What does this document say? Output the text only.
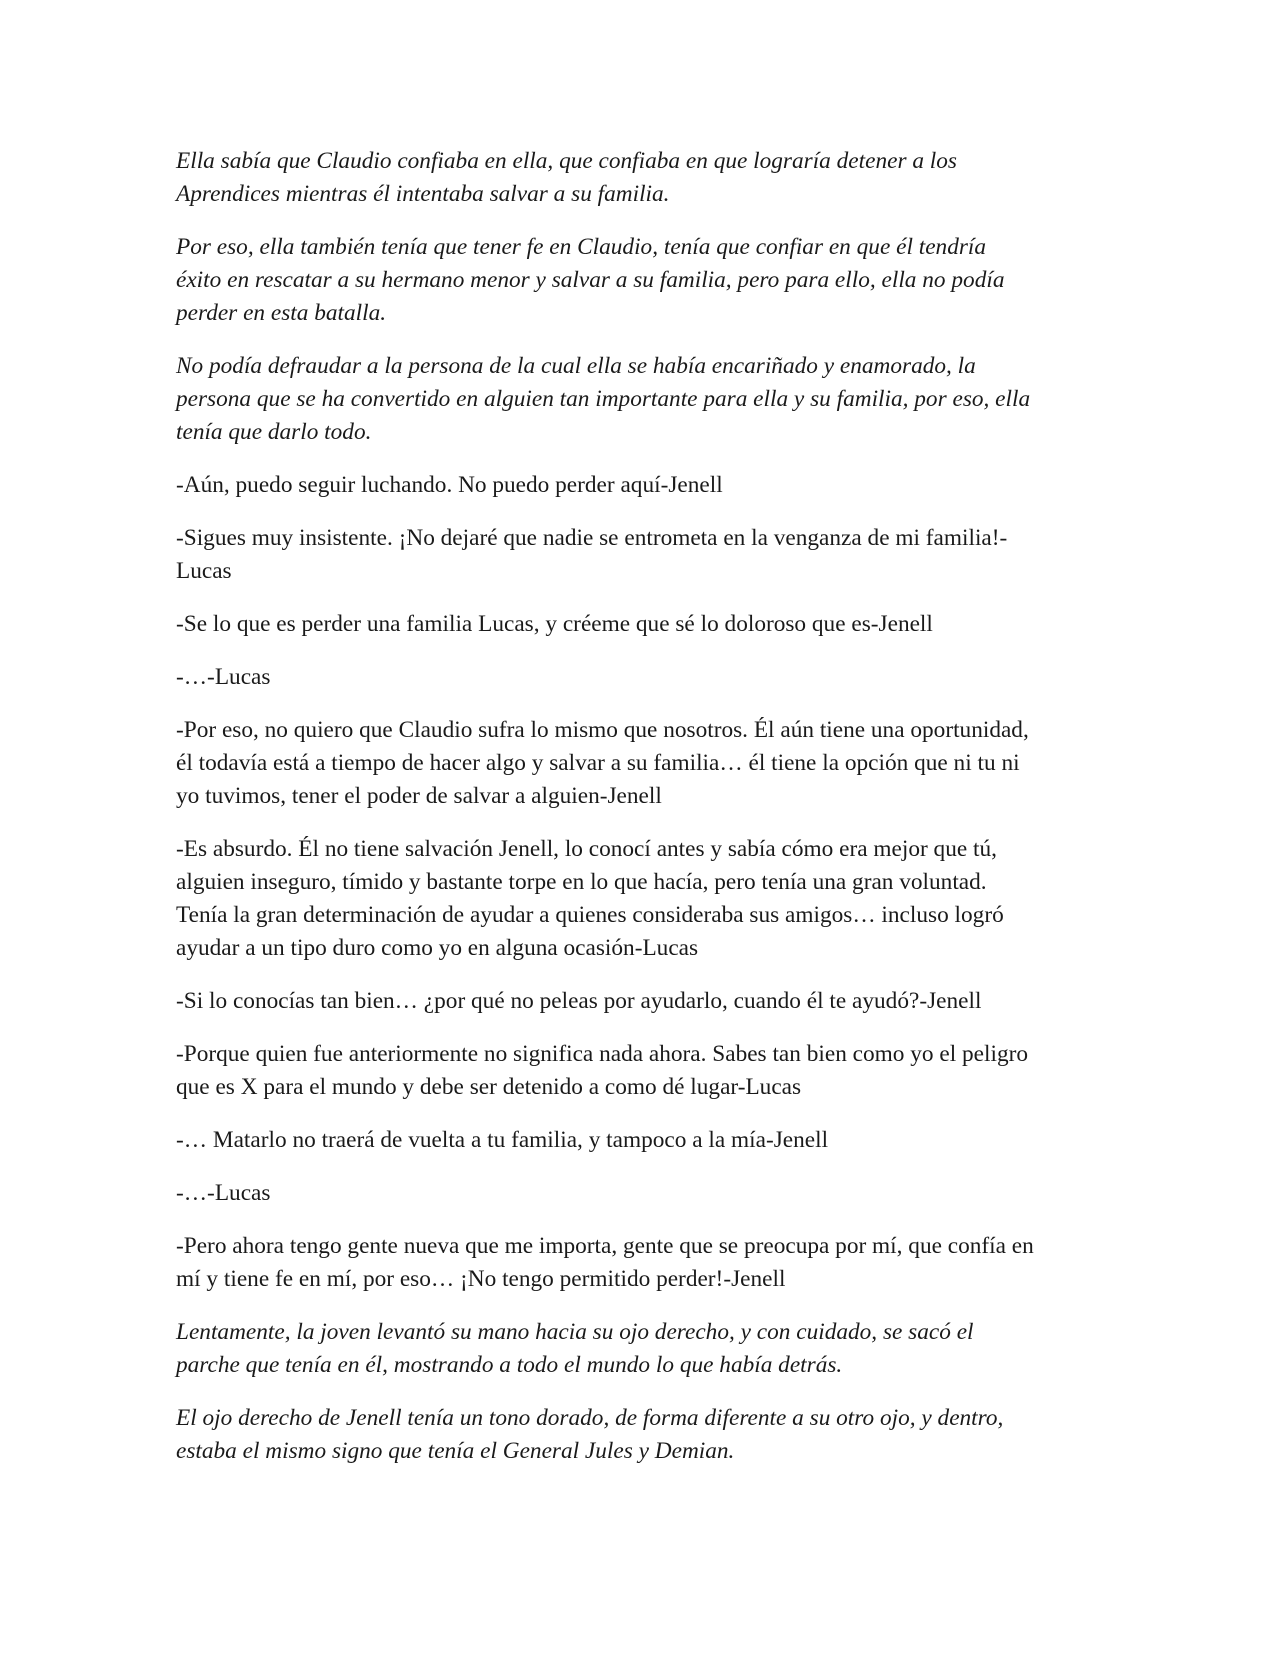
Ella sabía que Claudio confiaba en ella, que confiaba en que lograría detener a los
Aprendices mientras él intentaba salvar a su familia.

Por eso, ella también tenía que tener fe en Claudio, tenía que confiar en que él tendría
éxito en rescatar a su hermano menor y salvar a su familia, pero para ello, ella no podía
perder en esta batalla.

No podía defraudar a la persona de la cual ella se había encariñado y enamorado, la
persona que se ha convertido en alguien tan importante para ella y su familia, por eso, ella
tenía que darlo todo.

-Aún, puedo seguir luchando. No puedo perder aquí-Jenell

-Sigues muy insistente. ¡No dejaré que nadie se entrometa en la venganza de mi familia!-
Lucas

-Se lo que es perder una familia Lucas, y créeme que sé lo doloroso que es-Jenell

-…-Lucas

-Por eso, no quiero que Claudio sufra lo mismo que nosotros. Él aún tiene una oportunidad,
él todavía está a tiempo de hacer algo y salvar a su familia… él tiene la opción que ni tu ni
yo tuvimos, tener el poder de salvar a alguien-Jenell

-Es absurdo. Él no tiene salvación Jenell, lo conocí antes y sabía cómo era mejor que tú,
alguien inseguro, tímido y bastante torpe en lo que hacía, pero tenía una gran voluntad.
Tenía la gran determinación de ayudar a quienes consideraba sus amigos… incluso logró
ayudar a un tipo duro como yo en alguna ocasión-Lucas

-Si lo conocías tan bien… ¿por qué no peleas por ayudarlo, cuando él te ayudó?-Jenell

-Porque quien fue anteriormente no significa nada ahora. Sabes tan bien como yo el peligro
que es X para el mundo y debe ser detenido a como dé lugar-Lucas

-… Matarlo no traerá de vuelta a tu familia, y tampoco a la mía-Jenell

-…-Lucas

-Pero ahora tengo gente nueva que me importa, gente que se preocupa por mí, que confía en
mí y tiene fe en mí, por eso… ¡No tengo permitido perder!-Jenell

Lentamente, la joven levantó su mano hacia su ojo derecho, y con cuidado, se sacó el
parche que tenía en él, mostrando a todo el mundo lo que había detrás.

El ojo derecho de Jenell tenía un tono dorado, de forma diferente a su otro ojo, y dentro,
estaba el mismo signo que tenía el General Jules y Demian.
